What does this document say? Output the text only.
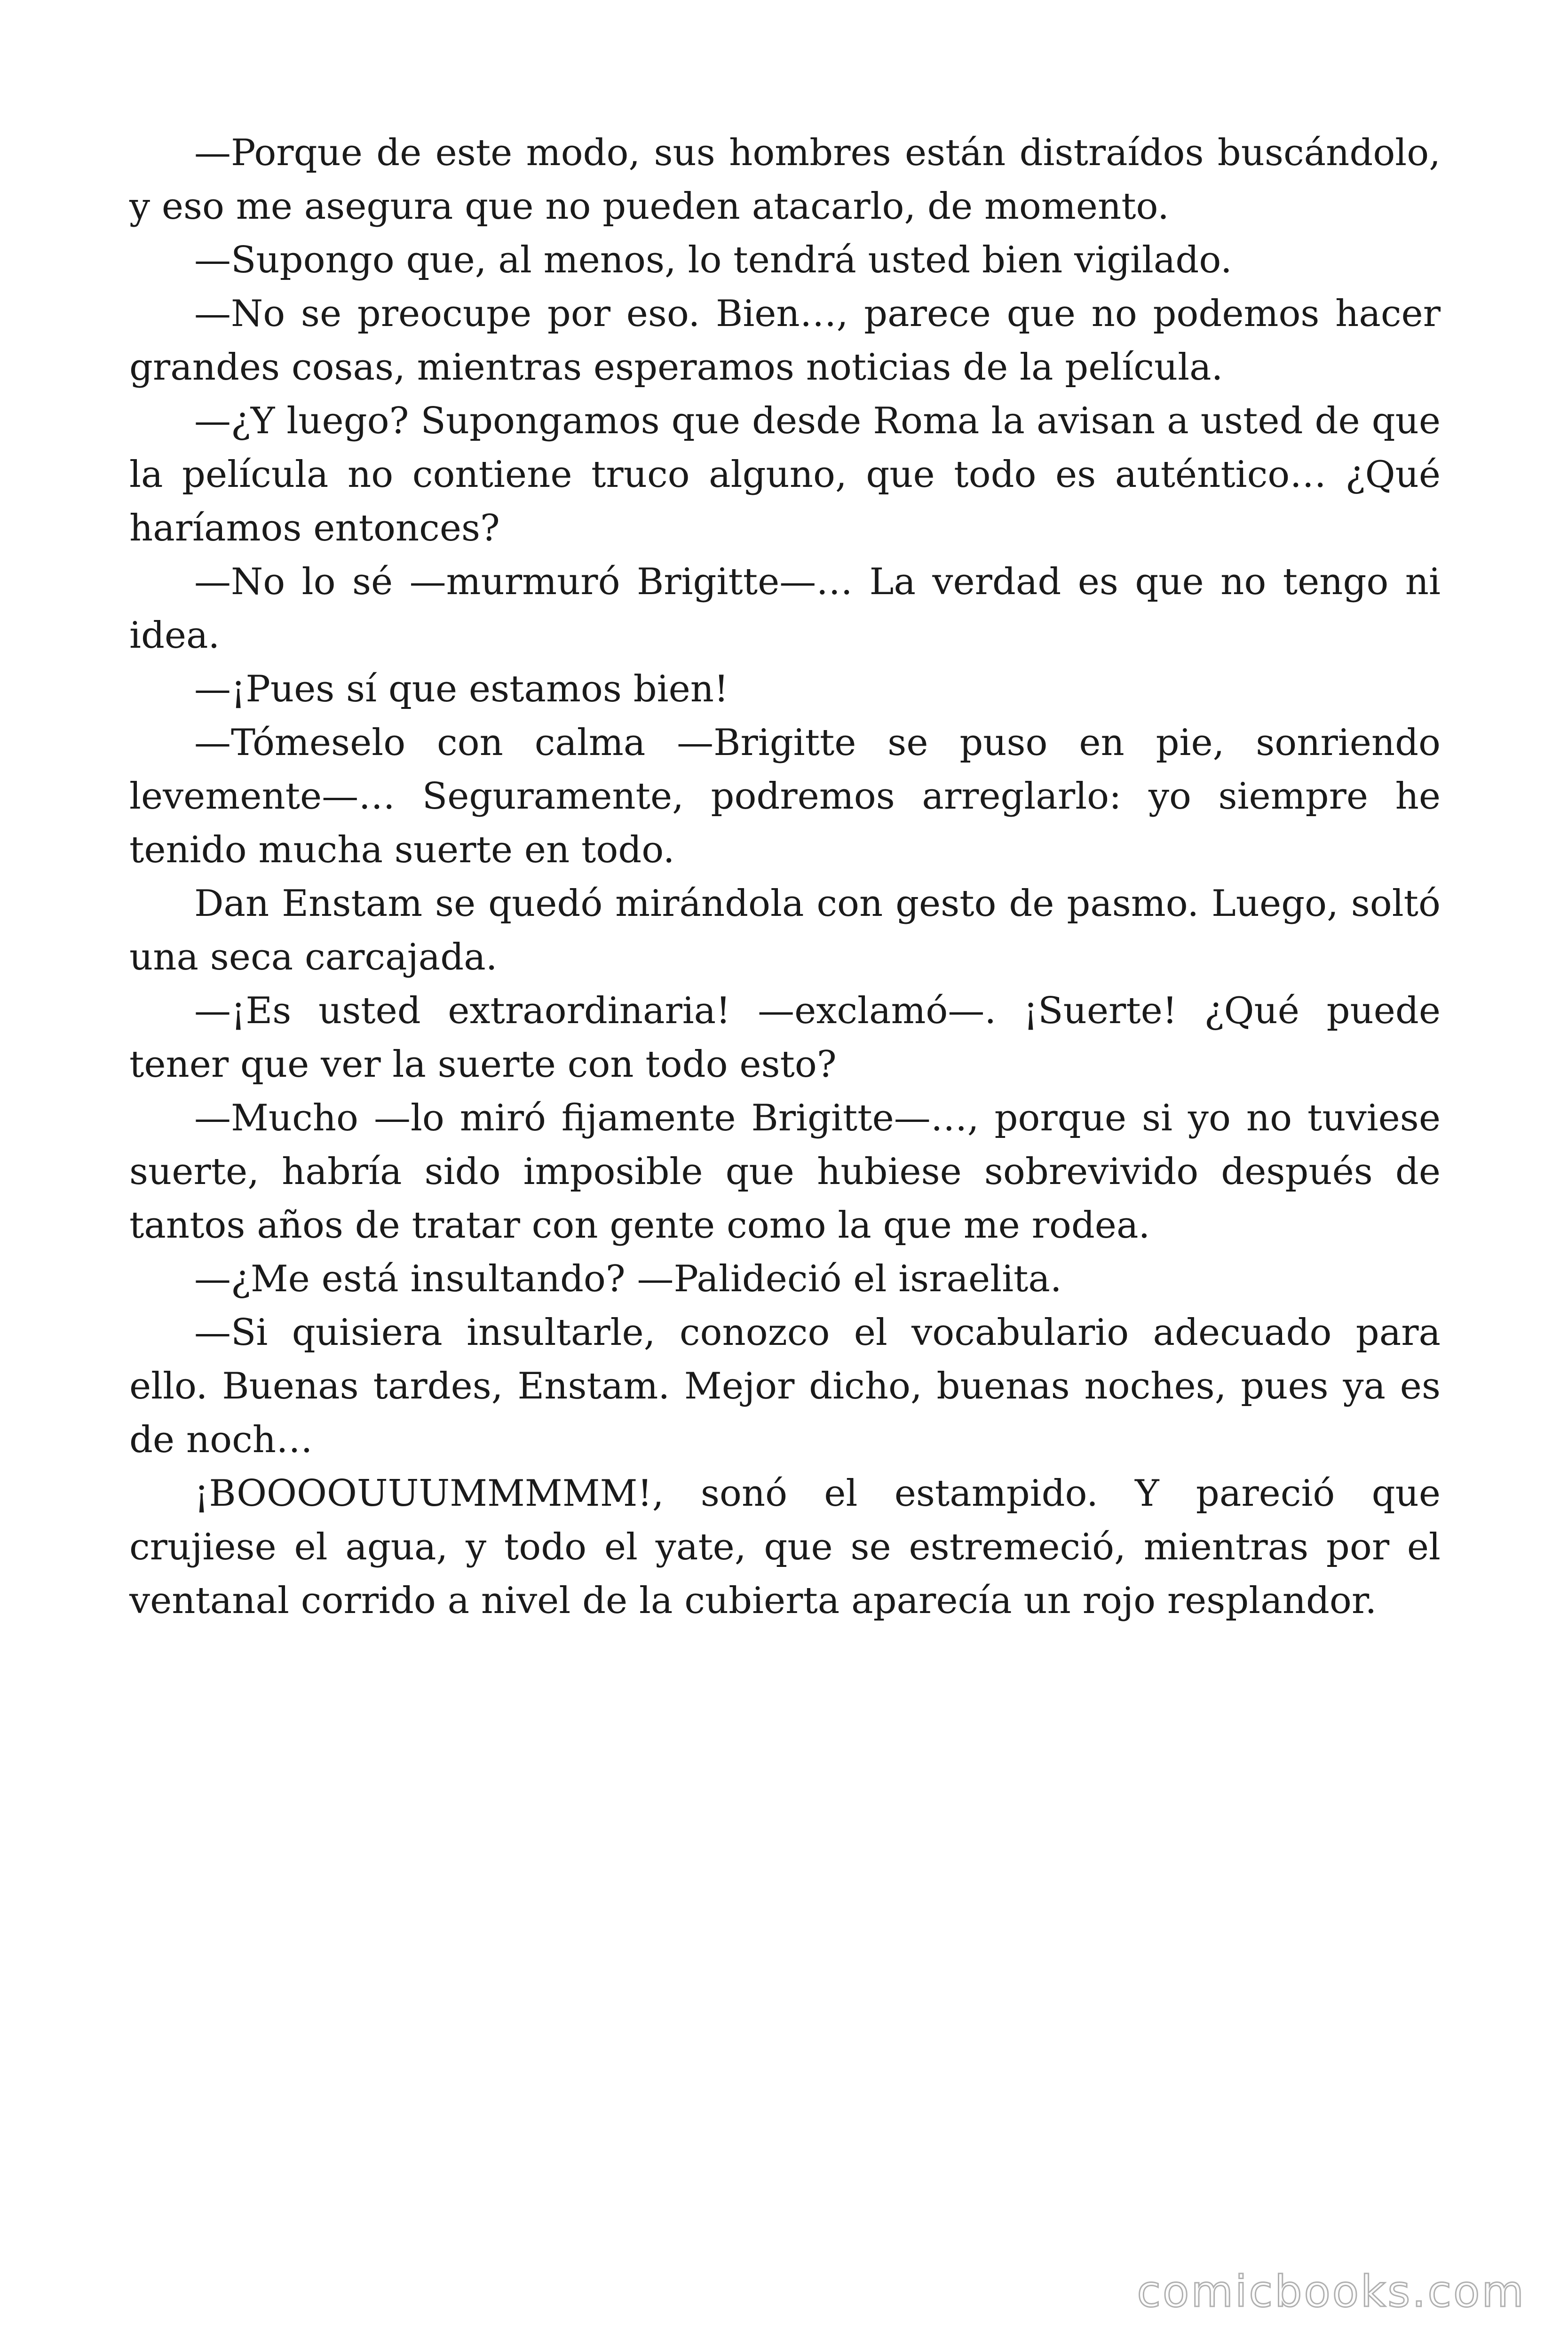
—Porque de este modo, sus hombres están distraídos buscándolo, y eso me asegura que no pueden atacarlo, de momento.

—Supongo que, al menos, lo tendrá usted bien vigilado.

—No se preocupe por eso. Bien…, parece que no podemos hacer grandes cosas, mientras esperamos noticias de la película.

—¿Y luego? Supongamos que desde Roma la avisan a usted de que la película no contiene truco alguno, que todo es auténtico… ¿Qué haríamos entonces?

—No lo sé —murmuró Brigitte—… La verdad es que no tengo ni idea.

—¡Pues sí que estamos bien!

—Tómeselo con calma —Brigitte se puso en pie, sonriendo levemente—… Seguramente, podremos arreglarlo: yo siempre he tenido mucha suerte en todo.

Dan Enstam se quedó mirándola con gesto de pasmo. Luego, soltó una seca carcajada.

—¡Es usted extraordinaria! —exclamó—. ¡Suerte! ¿Qué puede tener que ver la suerte con todo esto?

—Mucho —lo miró fijamente Brigitte—…, porque si yo no tuviese suerte, habría sido imposible que hubiese sobrevivido después de tantos años de tratar con gente como la que me rodea.

—¿Me está insultando? —Palideció el israelita.

—Si quisiera insultarle, conozco el vocabulario adecuado para ello. Buenas tardes, Enstam. Mejor dicho, buenas noches, pues ya es de noch…

¡BOOOOUUUMMMMM!, sonó el estampido. Y pareció que crujiese el agua, y todo el yate, que se estremeció, mientras por el ventanal corrido a nivel de la cubierta aparecía un rojo resplandor.

comicbooks.com
